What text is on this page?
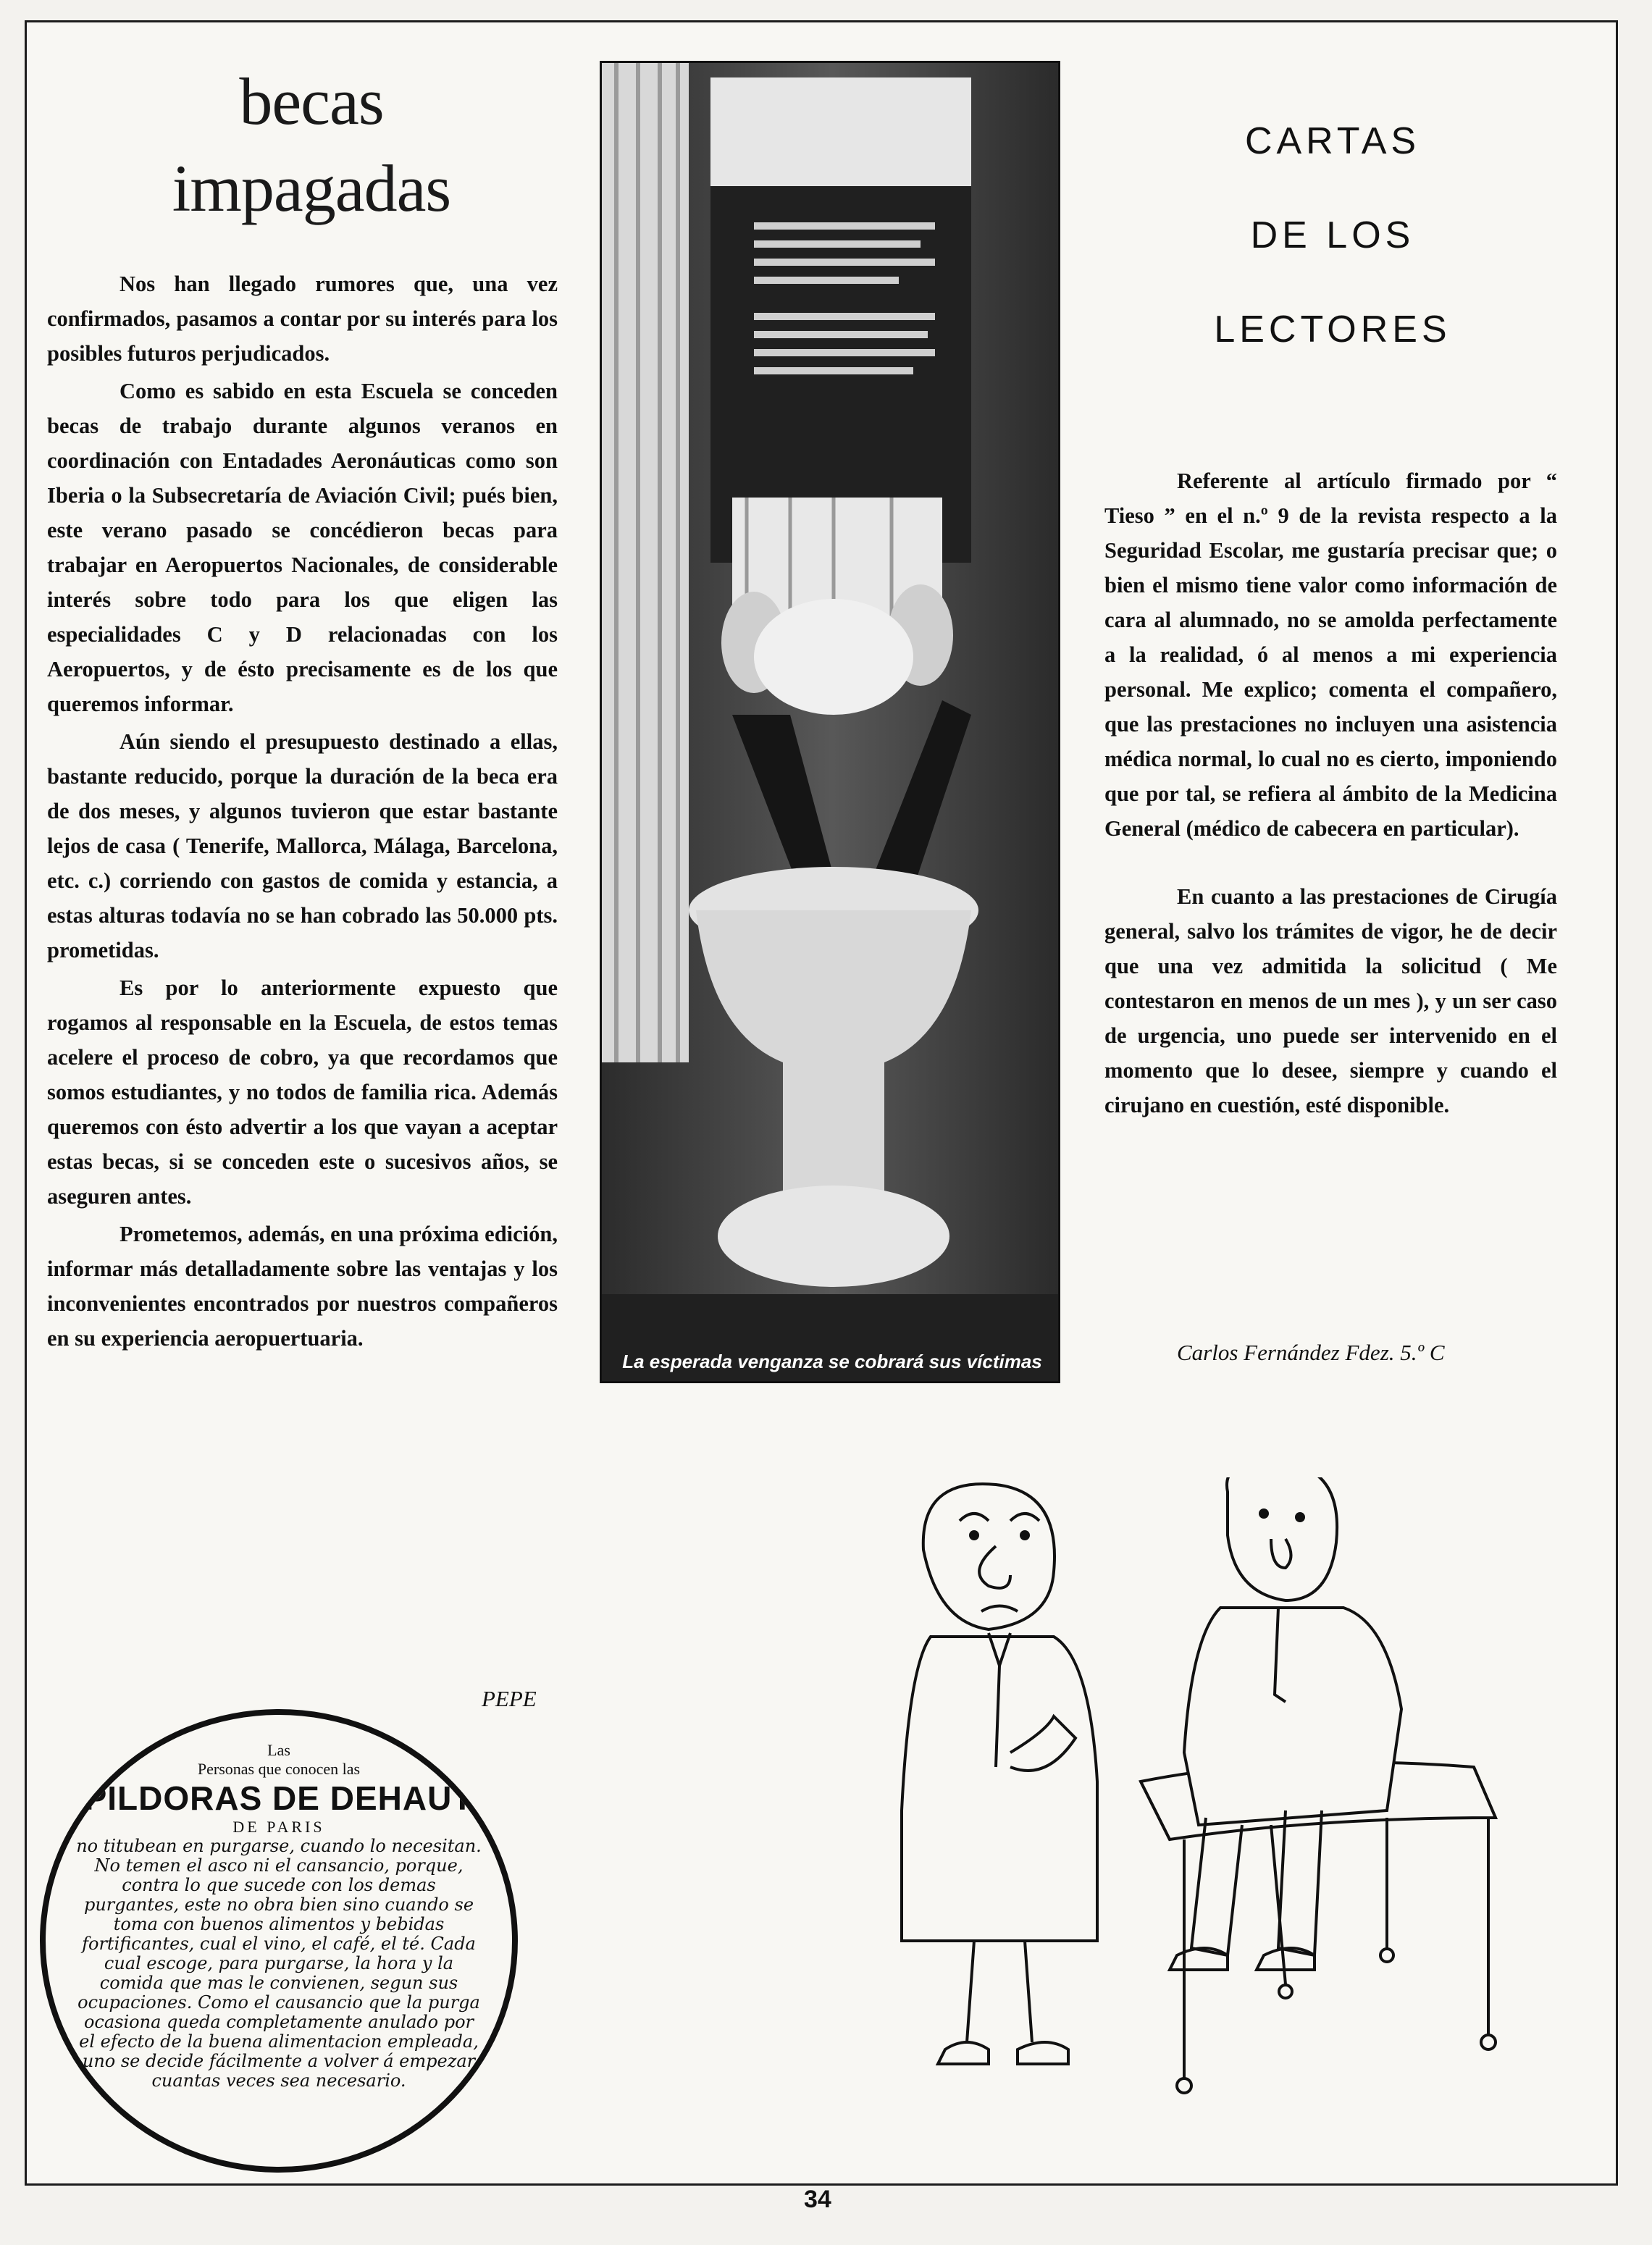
becas
impagadas

Nos han llegado rumores que, una vez confirmados, pasamos a contar por su interés para los posibles futuros perjudicados.

Como es sabido en esta Escuela se conceden becas de trabajo durante algunos veranos en coordinación con Entadades Aeronáuticas como son Iberia o la Subsecretaría de Aviación Civil; pués bien, este verano pasado se concédieron becas para trabajar en Aeropuertos Nacionales, de considerable interés sobre todo para los que eligen las especialidades C y D relacionadas con los Aeropuertos, y de ésto precisamente es de los que queremos informar.

Aún siendo el presupuesto destinado a ellas, bastante reducido, porque la duración de la beca era de dos meses, y algunos tuvieron que estar bastante lejos de casa ( Tenerife, Mallorca, Málaga, Barcelona, etc. c.) corriendo con gastos de comida y estancia, a estas alturas todavía no se han cobrado las 50.000 pts. prometidas.

Es por lo anteriormente expuesto que rogamos al responsable en la Escuela, de estos temas acelere el proceso de cobro, ya que recordamos que somos estudiantes, y no todos de familia rica. Además queremos con ésto advertir a los que vayan a aceptar estas becas, si se conceden este o sucesivos años, se aseguren antes.

Prometemos, además, en una próxima edición, informar más detalladamente sobre las ventajas y los inconvenientes encontrados por nuestros compañeros en su experiencia aeropuertuaria.

PEPE
La esperada venganza se cobrará sus víctimas
CARTAS
DE LOS
LECTORES

Referente al artículo firmado por “ Tieso ” en el n.º 9 de la revista respecto a la Seguridad Escolar, me gustaría precisar que; o bien el mismo tiene valor como información de cara al alumnado, no se amolda perfectamente a la realidad, ó al menos a mi experiencia personal. Me explico; comenta el compañero, que las prestaciones no incluyen una asistencia médica normal, lo cual no es cierto, imponiendo que por tal, se refiera al ámbito de la Medicina General (médico de cabecera en particular).

En cuanto a las prestaciones de Cirugía general, salvo los trámites de vigor, he de decir que una vez admitida la solicitud ( Me contestaron en menos de un mes ), y un ser caso de urgencia, uno puede ser intervenido en el momento que lo desee, siempre y cuando el cirujano en cuestión, esté disponible.

Carlos Fernández Fdez. 5.º C
Las
Personas que conocen las
PILDORAS DE DEHAUT
DE PARIS
no titubean en purgarse, cuando lo necesitan. No temen el asco ni el cansancio, porque, contra lo que sucede con los demas purgantes, este no obra bien sino cuando se toma con buenos alimentos y bebidas fortificantes, cual el vino, el café, el té. Cada cual escoge, para purgarse, la hora y la comida que mas le convienen, segun sus ocupaciones. Como el causancio que la purga ocasiona queda completamente anulado por el efecto de la buena alimentacion empleada, uno se decide fácilmente a volver á empezar cuantas veces sea necesario.
34
